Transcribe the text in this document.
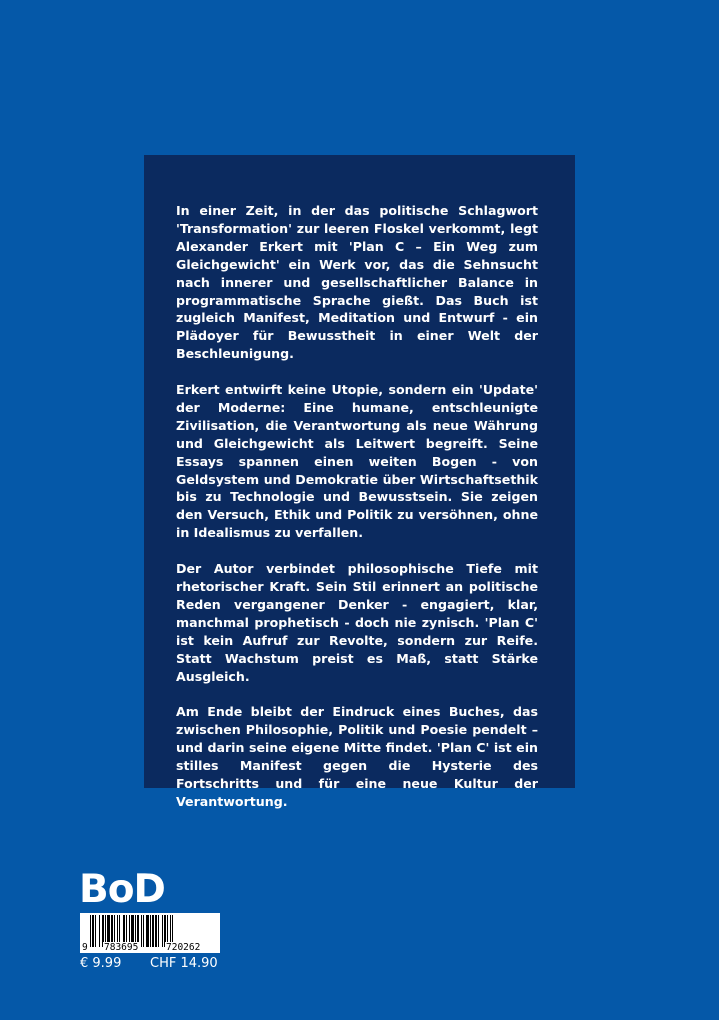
In einer Zeit, in der das politische Schlagwort 'Transformation' zur leeren Floskel verkommt, legt Alexander Erkert mit 'Plan C – Ein Weg zum Gleichgewicht' ein Werk vor, das die Sehnsucht nach innerer und gesellschaftlicher Balance in programmatische Sprache gießt. Das Buch ist zugleich Manifest, Meditation und Entwurf - ein Plädoyer für Bewusstheit in einer Welt der Beschleunigung.

Erkert entwirft keine Utopie, sondern ein 'Update' der Moderne: Eine humane, entschleunigte Zivilisation, die Verantwortung als neue Währung und Gleichgewicht als Leitwert begreift. Seine Essays spannen einen weiten Bogen - von Geldsystem und Demokratie über Wirtschaftsethik bis zu Technologie und Bewusstsein. Sie zeigen den Versuch, Ethik und Politik zu versöhnen, ohne in Idealismus zu verfallen.

Der Autor verbindet philosophische Tiefe mit rhetorischer Kraft. Sein Stil erinnert an politische Reden vergangener Denker - engagiert, klar, manchmal prophetisch - doch nie zynisch. 'Plan C' ist kein Aufruf zur Revolte, sondern zur Reife. Statt Wachstum preist es Maß, statt Stärke Ausgleich.

Am Ende bleibt der Eindruck eines Buches, das zwischen Philosophie, Politik und Poesie pendelt – und darin seine eigene Mitte findet. 'Plan C' ist ein stilles Manifest gegen die Hysterie des Fortschritts und für eine neue Kultur der Verantwortung.

BoD
9 783695	720262
€ 9.99 CHF 14.90
